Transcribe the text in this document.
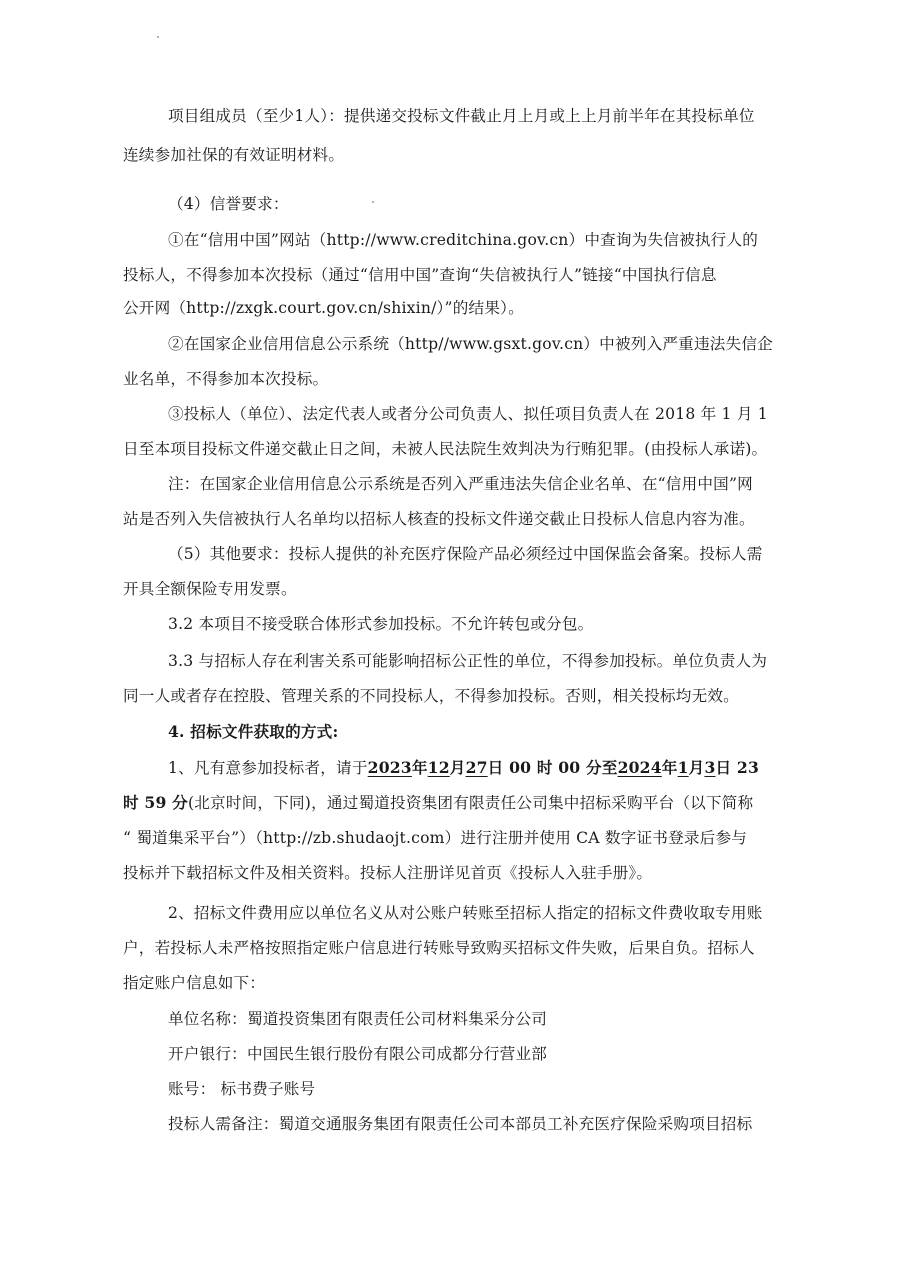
项目组成员（至少1人）：提供递交投标文件截止月上月或上上月前半年在其投标单位
连续参加社保的有效证明材料。
（4）信誉要求：
①在“信用中国”网站（http://www.creditchina.gov.cn）中查询为失信被执行人的
投标人，不得参加本次投标（通过“信用中国”查询“失信被执行人”链接“中国执行信息
公开网（http://zxgk.court.gov.cn/shixin/）”的结果）。
②在国家企业信用信息公示系统（http//www.gsxt.gov.cn）中被列入严重违法失信企
业名单，不得参加本次投标。
③投标人（单位）、法定代表人或者分公司负责人、拟任项目负责人在 2018 年 1 月 1
日至本项目投标文件递交截止日之间，未被人民法院生效判决为行贿犯罪。(由投标人承诺)。
注：在国家企业信用信息公示系统是否列入严重违法失信企业名单、在“信用中国”网
站是否列入失信被执行人名单均以招标人核查的投标文件递交截止日投标人信息内容为准。
（5）其他要求：投标人提供的补充医疗保险产品必须经过中国保监会备案。投标人需
开具全额保险专用发票。
3.2 本项目不接受联合体形式参加投标。不允许转包或分包。
3.3 与招标人存在利害关系可能影响招标公正性的单位，不得参加投标。单位负责人为
同一人或者存在控股、管理关系的不同投标人，不得参加投标。否则，相关投标均无效。
4. 招标文件获取的方式:
1、凡有意参加投标者，请于2023年12月27日 00 时 00 分至2024年1月3日 23
时 59 分(北京时间，下同)，通过蜀道投资集团有限责任公司集中招标采购平台（以下简称
“ 蜀道集采平台”）（http://zb.shudaojt.com）进行注册并使用 CA 数字证书登录后参与
投标并下载招标文件及相关资料。投标人注册详见首页《投标人入驻手册》。
2、招标文件费用应以单位名义从对公账户转账至招标人指定的招标文件费收取专用账
户，若投标人未严格按照指定账户信息进行转账导致购买招标文件失败，后果自负。招标人
指定账户信息如下：
单位名称：蜀道投资集团有限责任公司材料集采分公司
开户银行：中国民生银行股份有限公司成都分行营业部
账号： 标书费子账号
投标人需备注：蜀道交通服务集团有限责任公司本部员工补充医疗保险采购项目招标
